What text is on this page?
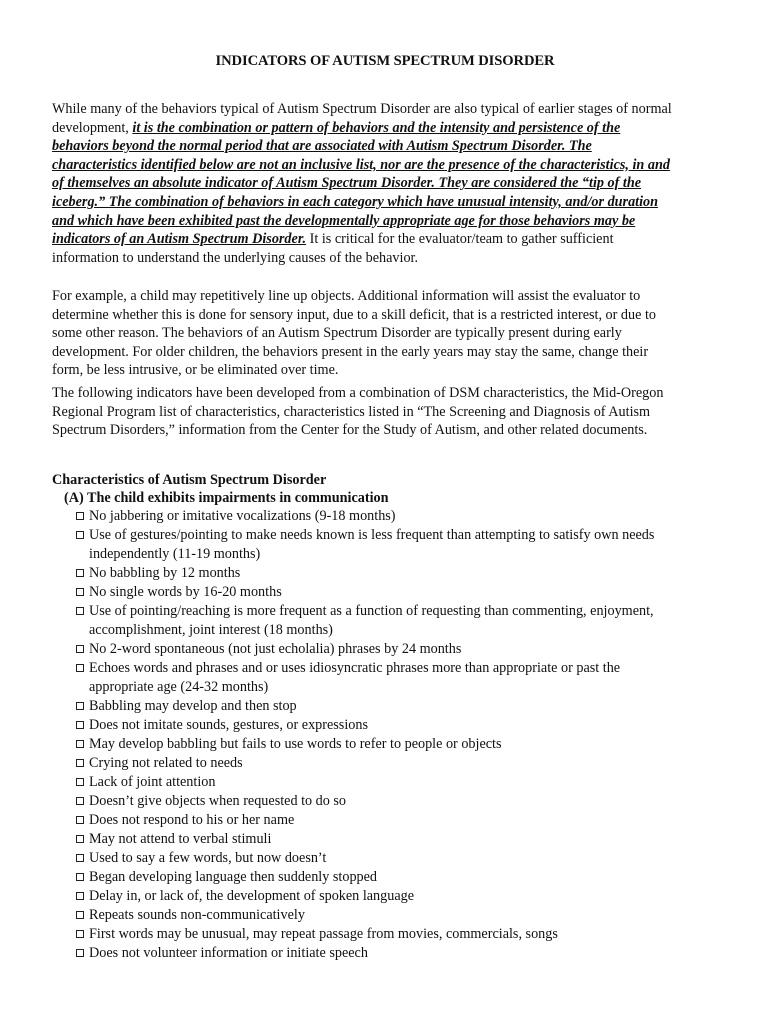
INDICATORS OF AUTISM SPECTRUM DISORDER

While many of the behaviors typical of Autism Spectrum Disorder are also typical of earlier stages of normal development, it is the combination or pattern of behaviors and the intensity and persistence of the behaviors beyond the normal period that are associated with Autism Spectrum Disorder. The characteristics identified below are not an inclusive list, nor are the presence of the characteristics, in and of themselves an absolute indicator of Autism Spectrum Disorder. They are considered the “tip of the iceberg.” The combination of behaviors in each category which have unusual intensity, and/or duration and which have been exhibited past the developmentally appropriate age for those behaviors may be indicators of an Autism Spectrum Disorder. It is critical for the evaluator/team to gather sufficient information to understand the underlying causes of the behavior.

For example, a child may repetitively line up objects. Additional information will assist the evaluator to determine whether this is done for sensory input, due to a skill deficit, that is a restricted interest, or due to some other reason. The behaviors of an Autism Spectrum Disorder are typically present during early development. For older children, the behaviors present in the early years may stay the same, change their form, be less intrusive, or be eliminated over time.

The following indicators have been developed from a combination of DSM characteristics, the Mid-Oregon Regional Program list of characteristics, characteristics listed in “The Screening and Diagnosis of Autism Spectrum Disorders,” information from the Center for the Study of Autism, and other related documents.

Characteristics of Autism Spectrum Disorder
(A) The child exhibits impairments in communication
No jabbering or imitative vocalizations (9-18 months)
Use of gestures/pointing to make needs known is less frequent than attempting to satisfy own needs independently (11-19 months)
No babbling by 12 months
No single words by 16-20 months
Use of pointing/reaching is more frequent as a function of requesting than commenting, enjoyment, accomplishment, joint interest (18 months)
No 2-word spontaneous (not just echolalia) phrases by 24 months
Echoes words and phrases and or uses idiosyncratic phrases more than appropriate or past the appropriate age (24-32 months)
Babbling may develop and then stop
Does not imitate sounds, gestures, or expressions
May develop babbling but fails to use words to refer to people or objects
Crying not related to needs
Lack of joint attention
Doesn’t give objects when requested to do so
Does not respond to his or her name
May not attend to verbal stimuli
Used to say a few words, but now doesn’t
Began developing language then suddenly stopped
Delay in, or lack of, the development of spoken language
Repeats sounds non-communicatively
First words may be unusual, may repeat passage from movies, commercials, songs
Does not volunteer information or initiate speech
